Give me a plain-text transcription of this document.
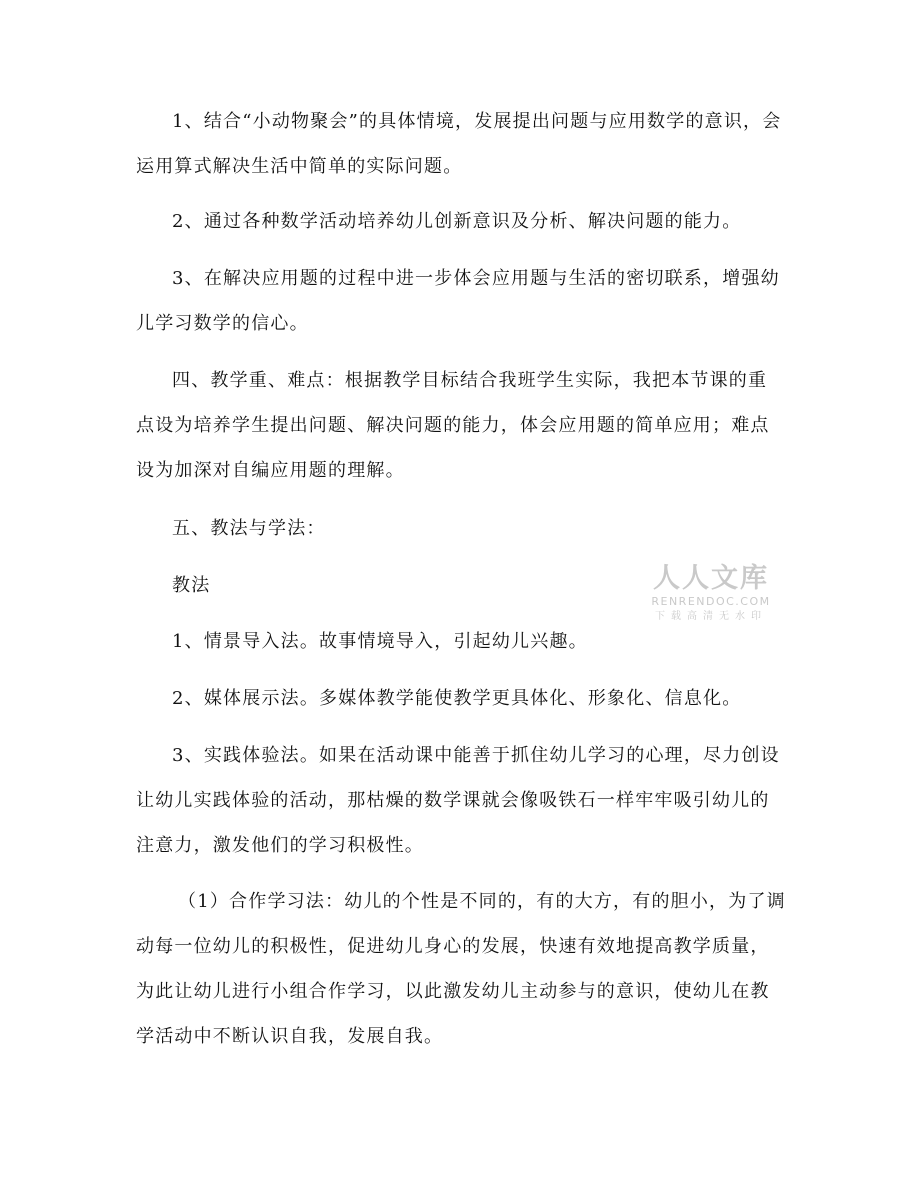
1、结合“小动物聚会”的具体情境，发展提出问题与应用数学的意识，会运用算式解决生活中简单的实际问题。

2、通过各种数学活动培养幼儿创新意识及分析、解决问题的能力。

3、在解决应用题的过程中进一步体会应用题与生活的密切联系，增强幼儿学习数学的信心。

四、教学重、难点：根据教学目标结合我班学生实际，我把本节课的重点设为培养学生提出问题、解决问题的能力，体会应用题的简单应用；难点设为加深对自编应用题的理解。

五、教法与学法：

教法

1、情景导入法。故事情境导入，引起幼儿兴趣。

2、媒体展示法。多媒体教学能使教学更具体化、形象化、信息化。

3、实践体验法。如果在活动课中能善于抓住幼儿学习的心理，尽力创设让幼儿实践体验的活动，那枯燥的数学课就会像吸铁石一样牢牢吸引幼儿的注意力，激发他们的学习积极性。

（1）合作学习法：幼儿的个性是不同的，有的大方，有的胆小，为了调动每一位幼儿的积极性，促进幼儿身心的发展，快速有效地提高教学质量，为此让幼儿进行小组合作学习，以此激发幼儿主动参与的意识，使幼儿在教学活动中不断认识自我，发展自我。

人人文库
RENRENDOC.COM
下载高清无水印
